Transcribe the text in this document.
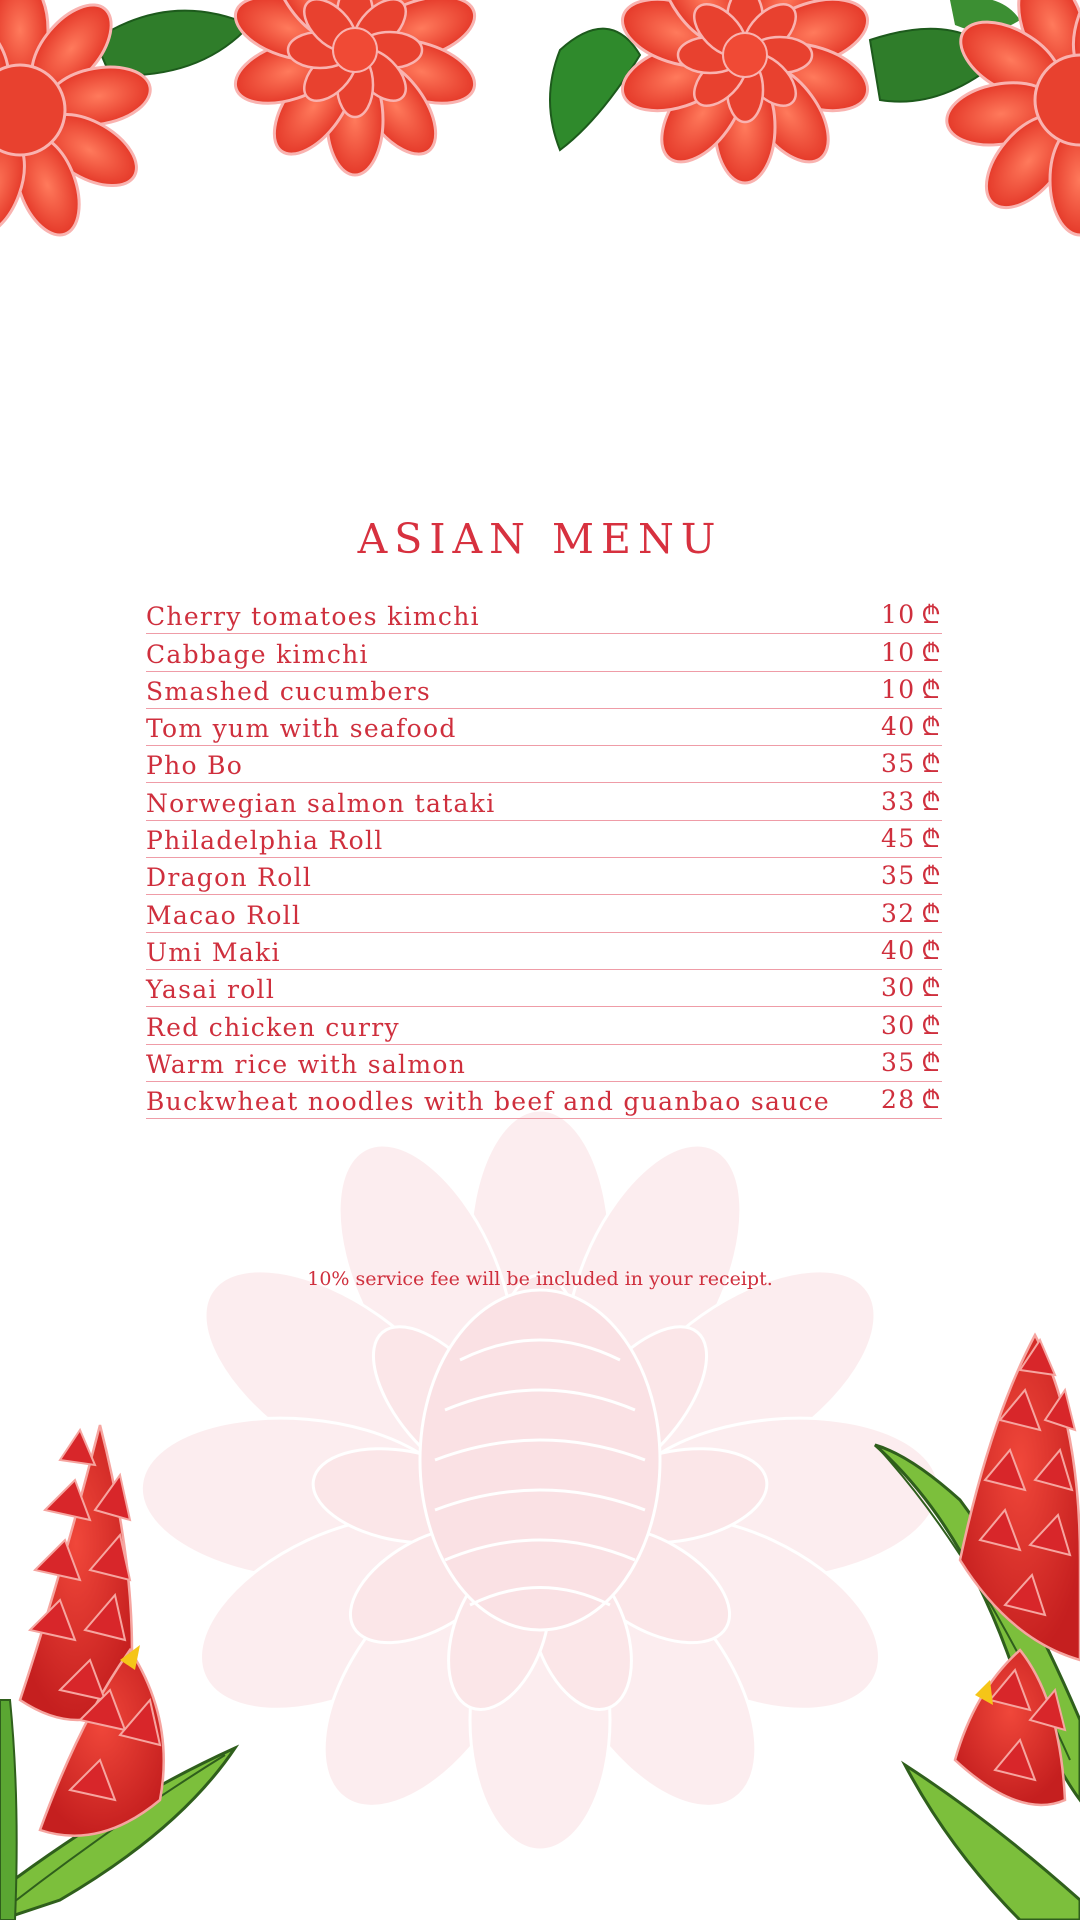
ASIAN MENU
Cherry tomatoes kimchi	10 ₾
Cabbage kimchi	10 ₾
Smashed cucumbers	10 ₾
Tom yum with seafood	40 ₾
Pho Bo	35 ₾
Norwegian salmon tataki	33 ₾
Philadelphia Roll	45 ₾
Dragon Roll	35 ₾
Macao Roll	32 ₾
Umi Maki	40 ₾
Yasai roll	30 ₾
Red chicken curry	30 ₾
Warm rice with salmon	35 ₾
Buckwheat noodles with beef and guanbao sauce 28 ₾

10% service fee will be included in your receipt.
